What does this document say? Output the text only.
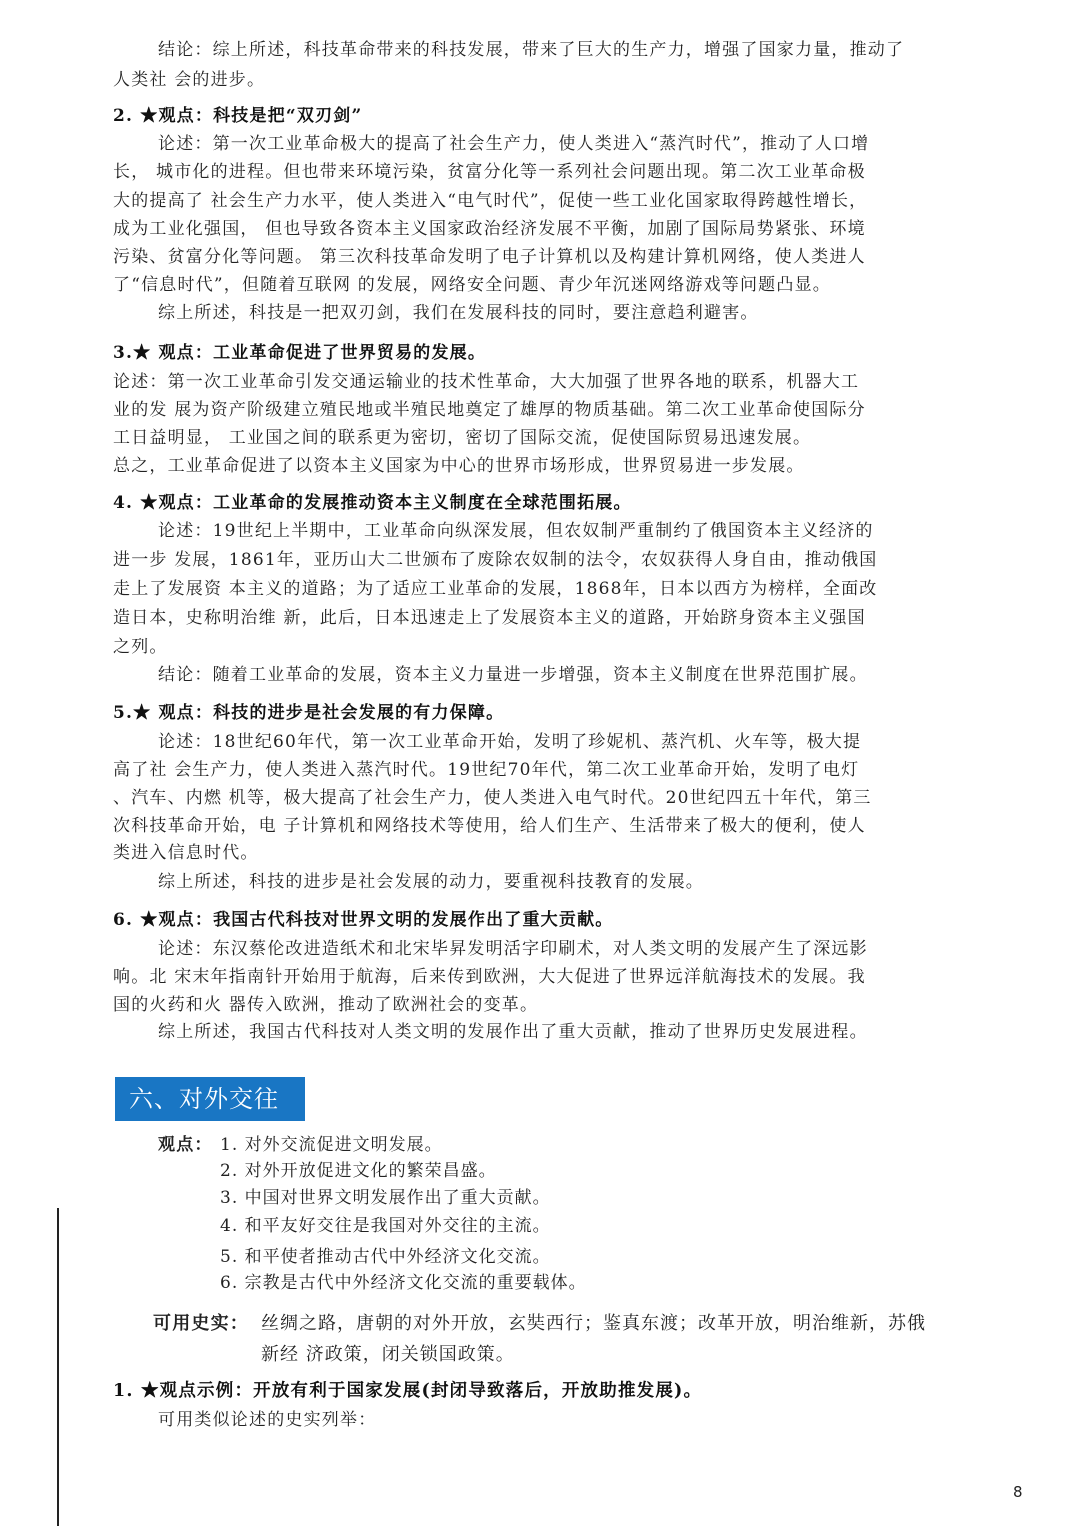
结论：综上所述，科技革命带来的科技发展，带来了巨大的生产力，增强了国家力量，推动了
人类社 会的进步。
2. ★观点：科技是把“双刃剑”
论述：第一次工业革命极大的提高了社会生产力，使人类进入“蒸汽时代”，推动了人口增
长， 城市化的进程。但也带来环境污染，贫富分化等一系列社会问题出现。第二次工业革命极
大的提高了 社会生产力水平，使人类进入“电气时代”，促使一些工业化国家取得跨越性增长，
成为工业化强国， 但也导致各资本主义国家政治经济发展不平衡，加剧了国际局势紧张、环境
污染、贫富分化等问题。 第三次科技革命发明了电子计算机以及构建计算机网络，使人类进人
了“信息时代”，但随着互联网 的发展，网络安全问题、青少年沉迷网络游戏等问题凸显。
综上所述，科技是一把双刃剑，我们在发展科技的同时，要注意趋利避害。
3.★ 观点：工业革命促进了世界贸易的发展。
论述：第一次工业革命引发交通运输业的技术性革命，大大加强了世界各地的联系，机器大工
业的发 展为资产阶级建立殖民地或半殖民地奠定了雄厚的物质基础。第二次工业革命使国际分
工日益明显， 工业国之间的联系更为密切，密切了国际交流，促使国际贸易迅速发展。
总之，工业革命促进了以资本主义国家为中心的世界市场形成，世界贸易进一步发展。
4. ★观点：工业革命的发展推动资本主义制度在全球范围拓展。
论述：19世纪上半期中，工业革命向纵深发展，但农奴制严重制约了俄国资本主义经济的
进一步 发展，1861年，亚历山大二世颁布了废除农奴制的法令，农奴获得人身自由，推动俄国
走上了发展资 本主义的道路；为了适应工业革命的发展，1868年，日本以西方为榜样，全面改
造日本，史称明治维 新，此后，日本迅速走上了发展资本主义的道路，开始跻身资本主义强国
之列。
结论：随着工业革命的发展，资本主义力量进一步增强，资本主义制度在世界范围扩展。
5.★ 观点：科技的进步是社会发展的有力保障。
论述：18世纪60年代，第一次工业革命开始，发明了珍妮机、蒸汽机、火车等，极大提
高了社 会生产力，使人类进入蒸汽时代。19世纪70年代，第二次工业革命开始，发明了电灯
、汽车、内燃 机等，极大提高了社会生产力，使人类进入电气时代。20世纪四五十年代，第三
次科技革命开始，电 子计算机和网络技术等使用，给人们生产、生活带来了极大的便利，使人
类进入信息时代。
综上所述，科技的进步是社会发展的动力，要重视科技教育的发展。
6. ★观点：我国古代科技对世界文明的发展作出了重大贡献。
论述：东汉蔡伦改进造纸术和北宋毕昇发明活字印刷术，对人类文明的发展产生了深远影
响。北 宋末年指南针开始用于航海，后来传到欧洲，大大促进了世界远洋航海技术的发展。我
国的火药和火 器传入欧洲，推动了欧洲社会的变革。
综上所述，我国古代科技对人类文明的发展作出了重大贡献，推动了世界历史发展进程。
六、对外交往
观点： 1. 对外交流促进文明发展。
2. 对外开放促进文化的繁荣昌盛。
3. 中国对世界文明发展作出了重大贡献。
4. 和平友好交往是我国对外交往的主流。
5. 和平使者推动古代中外经济文化交流。
6. 宗教是古代中外经济文化交流的重要载体。
可用史实： 丝绸之路，唐朝的对外开放，玄奘西行；鉴真东渡；改革开放，明治维新，苏俄
新经 济政策，闭关锁国政策。
1. ★观点示例：开放有利于国家发展(封闭导致落后，开放助推发展)。
可用类似论述的史实列举：
8
